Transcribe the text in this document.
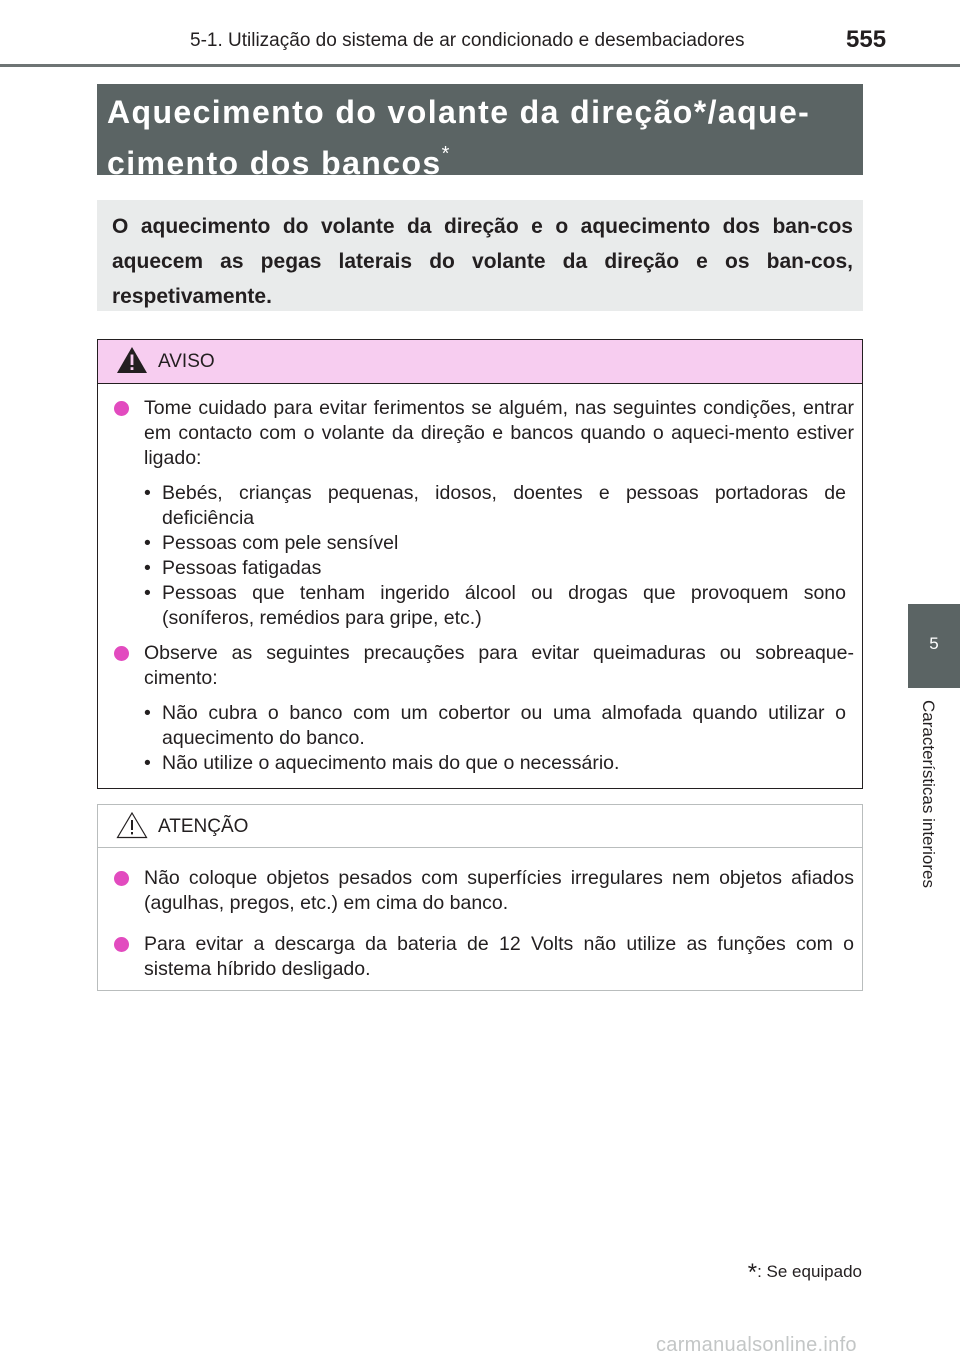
5-1. Utilização do sistema de ar condicionado e desembaciadores	555
5
Características interiores

Aquecimento do volante da direção*/aque-
cimento dos bancos*

O aquecimento do volante da direção e o aquecimento dos ban-cos aquecem as pegas laterais do volante da direção e os ban-cos, respetivamente.

AVISO

Tome cuidado para evitar ferimentos se alguém, nas seguintes condições, entrar em contacto com o volante da direção e bancos quando o aqueci-mento estiver ligado:

• Bebés, crianças pequenas, idosos, doentes e pessoas portadoras de deficiência
• Pessoas com pele sensível
• Pessoas fatigadas
• Pessoas que tenham ingerido álcool ou drogas que provoquem sono (soníferos, remédios para gripe, etc.)

Observe as seguintes precauções para evitar queimaduras ou sobreaque-cimento:

• Não cubra o banco com um cobertor ou uma almofada quando utilizar o aquecimento do banco.
• Não utilize o aquecimento mais do que o necessário.
ATENÇÃO

Não coloque objetos pesados com superfícies irregulares nem objetos afiados (agulhas, pregos, etc.) em cima do banco.

Para evitar a descarga da bateria de 12 Volts não utilize as funções com o sistema híbrido desligado.

*: Se equipado
carmanualsonline.info
